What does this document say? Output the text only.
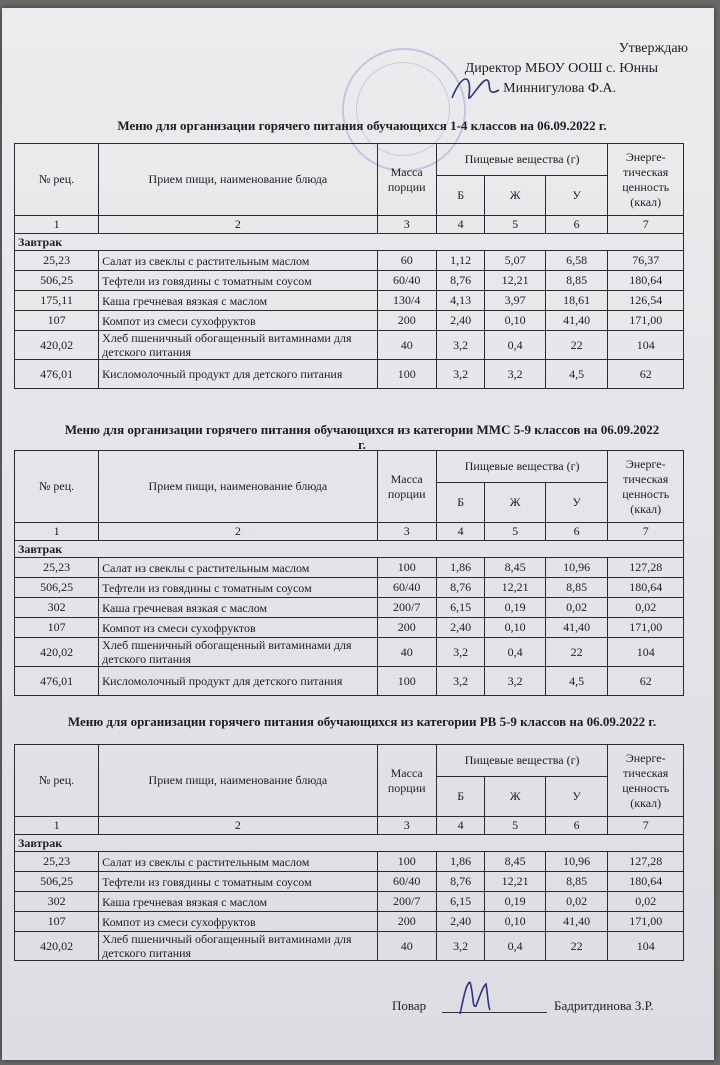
Утверждаю
Директор МБОУ ООШ с. Юнны
Миннигулова Ф.А.
Меню для организации горячего питания обучающихся 1-4 классов на 06.09.2022 г.
№ рец.	Прием пищи, наименование блюда	Масса порции	Пищевые вещества (г)			Энерге-тическая ценность (ккал)
			Б	Ж	У	
1	2	3	4	5	6	7
Завтрак						
25,23	Салат из свеклы с растительным маслом	60	1,12	5,07	6,58	76,37
506,25	Тефтели из говядины с томатным соусом	60/40	8,76	12,21	8,85	180,64
175,11	Каша гречневая вязкая с маслом	130/4	4,13	3,97	18,61	126,54
107	Компот из смеси сухофруктов	200	2,40	0,10	41,40	171,00
420,02	Хлеб пшеничный обогащенный витаминами для детского питания	40	3,2	0,4	22	104
476,01	Кисломолочный продукт для детского питания	100	3,2	3,2	4,5	62
Меню для организации горячего питания обучающихся из категории ММС 5-9 классов на 06.09.2022 г.
№ рец.	Прием пищи, наименование блюда	Масса порции	Пищевые вещества (г)			Энерге-тическая ценность (ккал)
			Б	Ж	У	
1	2	3	4	5	6	7
Завтрак						
25,23	Салат из свеклы с растительным маслом	100	1,86	8,45	10,96	127,28
506,25	Тефтели из говядины с томатным соусом	60/40	8,76	12,21	8,85	180,64
302	Каша гречневая вязкая с маслом	200/7	6,15	0,19	0,02	0,02
107	Компот из смеси сухофруктов	200	2,40	0,10	41,40	171,00
420,02	Хлеб пшеничный обогащенный витаминами для детского питания	40	3,2	0,4	22	104
476,01	Кисломолочный продукт для детского питания	100	3,2	3,2	4,5	62
Меню для организации горячего питания обучающихся из категории РВ 5-9 классов на 06.09.2022 г.
№ рец.	Прием пищи, наименование блюда	Масса порции	Пищевые вещества (г)			Энерге-тическая ценность (ккал)
			Б	Ж	У	
1	2	3	4	5	6	7
Завтрак						
25,23	Салат из свеклы с растительным маслом	100	1,86	8,45	10,96	127,28
506,25	Тефтели из говядины с томатным соусом	60/40	8,76	12,21	8,85	180,64
302	Каша гречневая вязкая с маслом	200/7	6,15	0,19	0,02	0,02
107	Компот из смеси сухофруктов	200	2,40	0,10	41,40	171,00
420,02	Хлеб пшеничный обогащенный витаминами для детского питания	40	3,2	0,4	22	104
Повар	Бадритдинова З.Р.
